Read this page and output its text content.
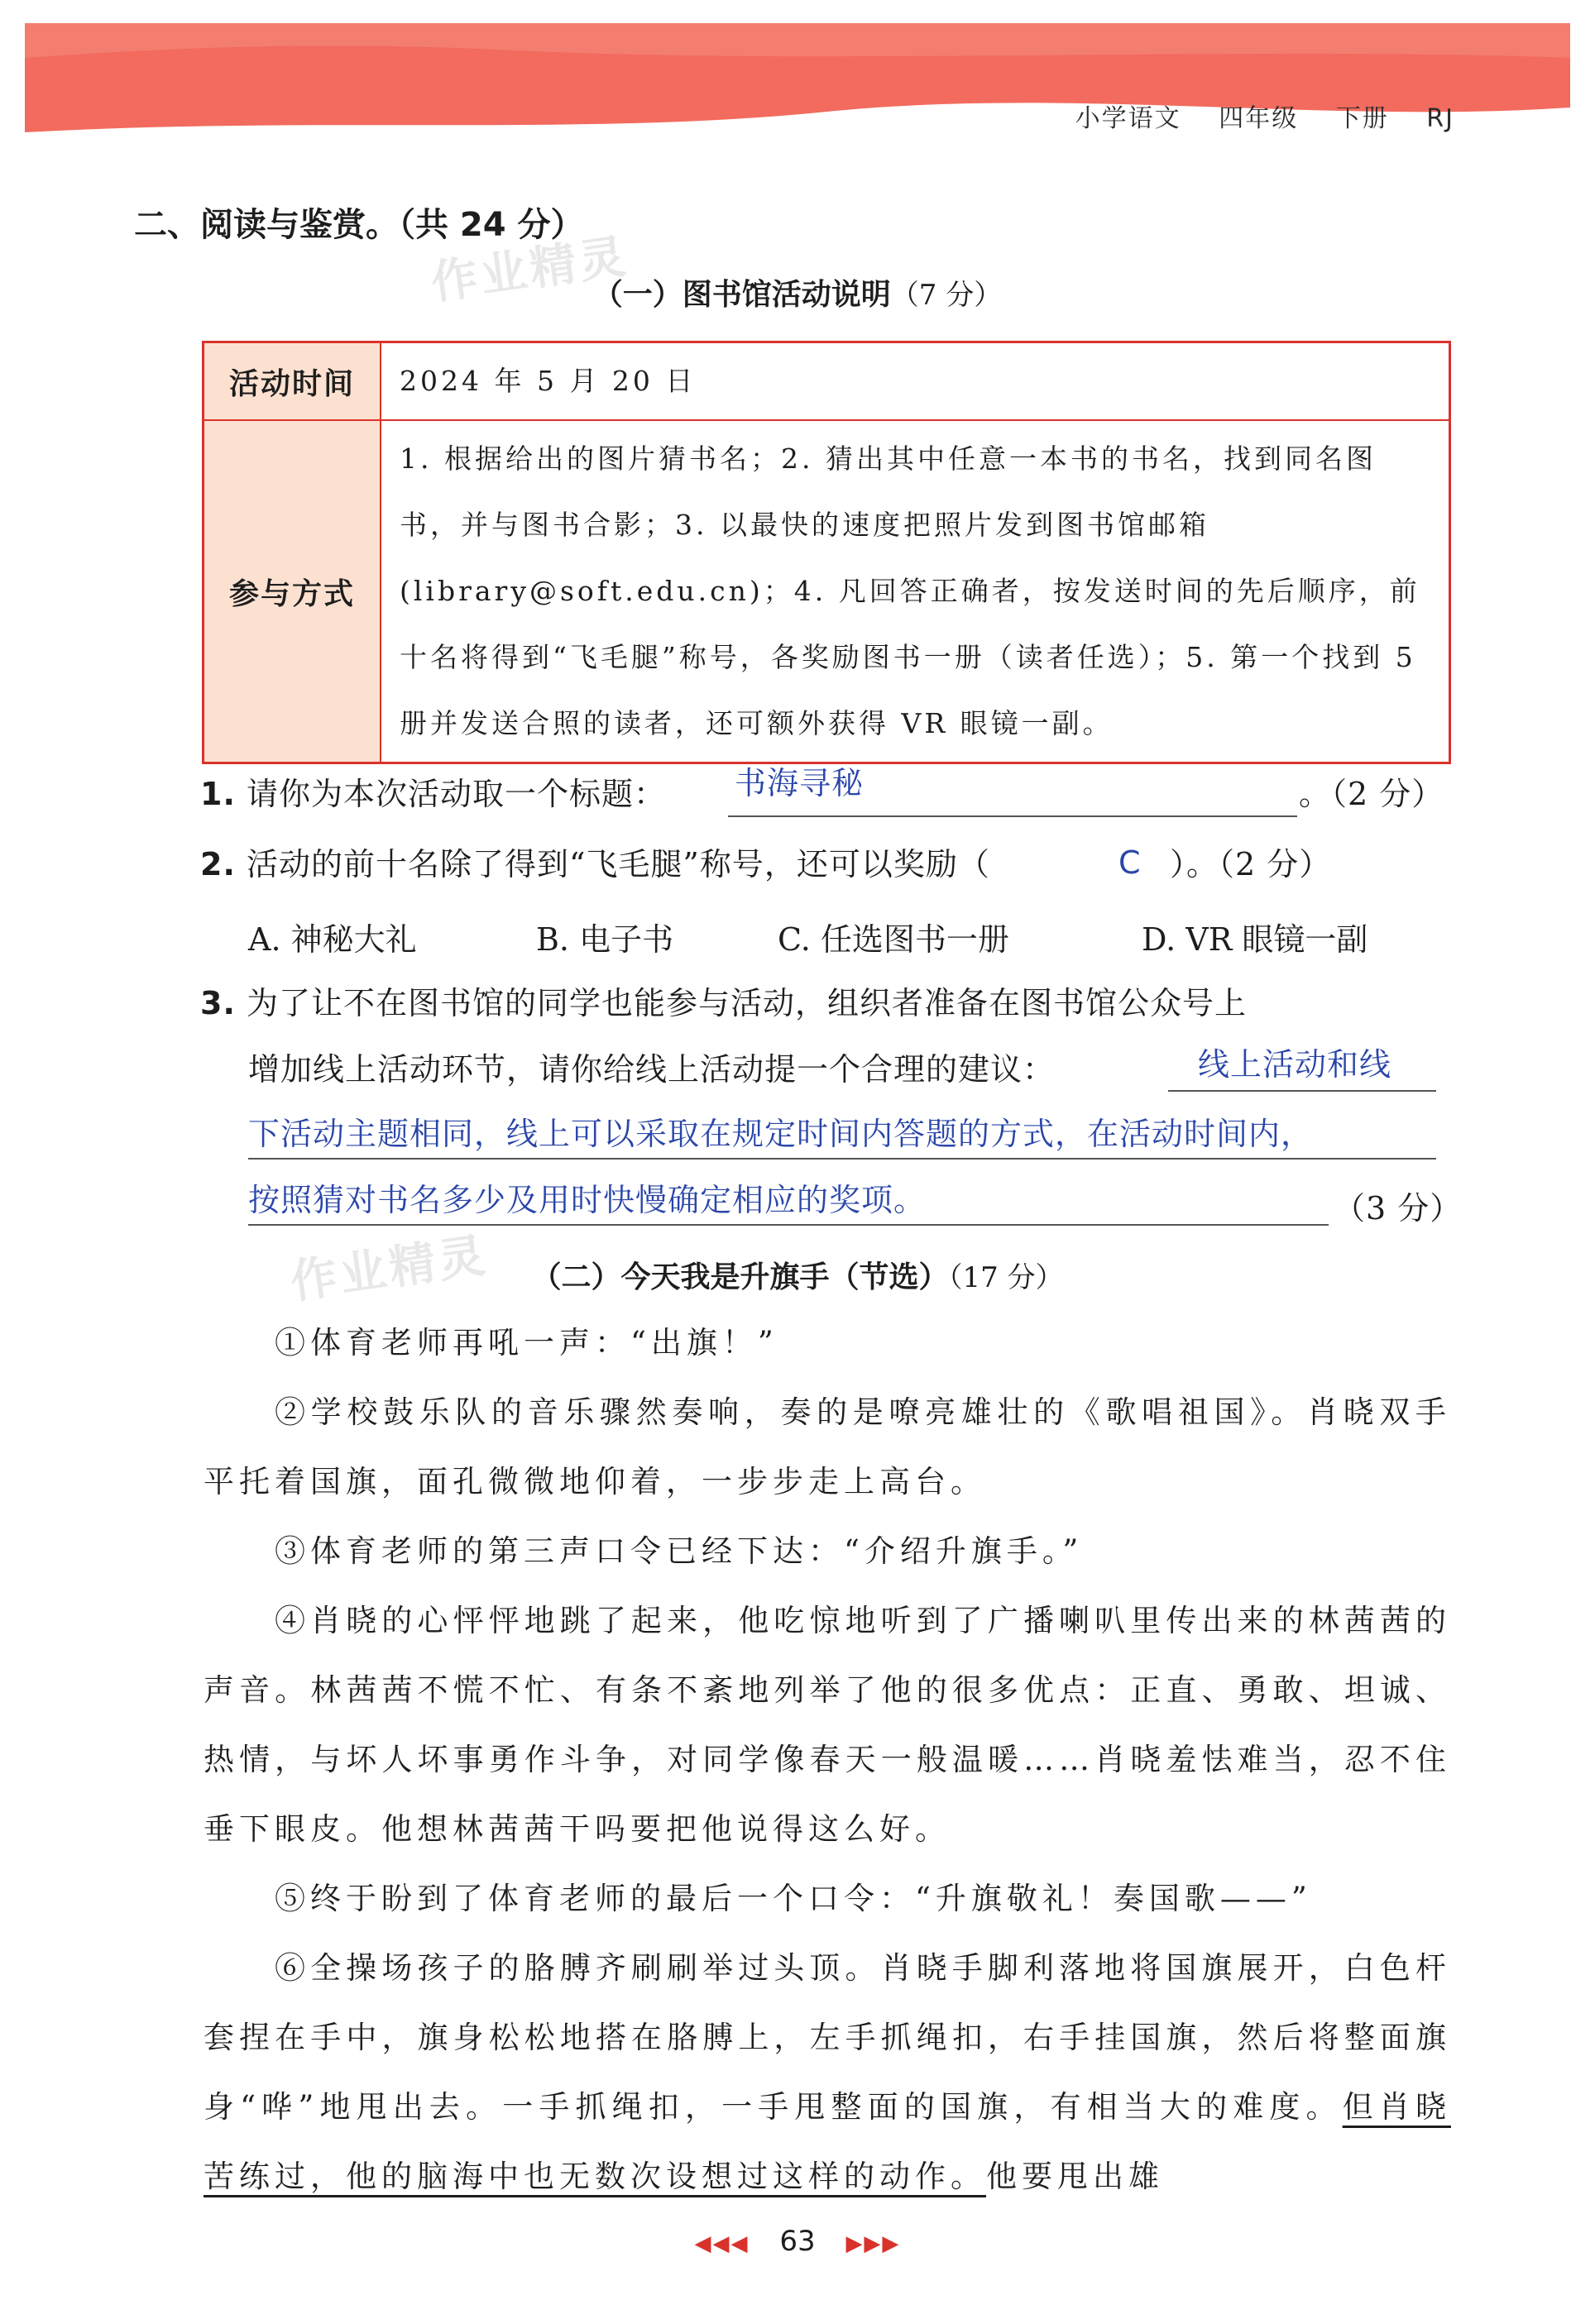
小学语文 四年级 下册 RJ
作业精灵
作业精灵
二、阅读与鉴赏。（共 24 分）
（一）图书馆活动说明（7 分）
活动时间	2024 年 5 月 20 日
参与方式	1. 根据给出的图片猜书名；2. 猜出其中任意一本书的书名，找到同名图书，并与图书合影；3. 以最快的速度把照片发到图书馆邮箱(library@soft.edu.cn)；4. 凡回答正确者，按发送时间的先后顺序，前十名将得到“飞毛腿”称号，各奖励图书一册（读者任选）；5. 第一个找到 5 册并发送合照的读者，还可额外获得 VR 眼镜一副。
1. 请你为本次活动取一个标题： 书海寻秘	。（2 分）
2. 活动的前十名除了得到“飞毛腿”称号，还可以奖励（	C ）。（2 分）
A. 神秘大礼	B. 电子书	C. 任选图书一册	D. VR 眼镜一副
3. 为了让不在图书馆的同学也能参与活动，组织者准备在图书馆公众号上
增加线上活动环节，请你给线上活动提一个合理的建议：	线上活动和线
下活动主题相同，线上可以采取在规定时间内答题的方式，在活动时间内，
按照猜对书名多少及用时快慢确定相应的奖项。	（3 分）
（二）今天我是升旗手（节选）（17 分）
①体育老师再吼一声：“出旗！”
②学校鼓乐队的音乐骤然奏响，奏的是嘹亮雄壮的《歌唱祖国》。肖晓双手平托着国旗，面孔微微地仰着，一步步走上高台。
③体育老师的第三声口令已经下达：“介绍升旗手。”
④肖晓的心怦怦地跳了起来，他吃惊地听到了广播喇叭里传出来的林茜茜的声音。林茜茜不慌不忙、有条不紊地列举了他的很多优点：正直、勇敢、坦诚、热情，与坏人坏事勇作斗争，对同学像春天一般温暖……肖晓羞怯难当，忍不住垂下眼皮。他想林茜茜干吗要把他说得这么好。
⑤终于盼到了体育老师的最后一个口令：“升旗敬礼！奏国歌——”
⑥全操场孩子的胳膊齐刷刷举过头顶。肖晓手脚利落地将国旗展开，白色杆套捏在手中，旗身松松地搭在胳膊上，左手抓绳扣，右手挂国旗，然后将整面旗身“哗”地甩出去。一手抓绳扣，一手甩整面的国旗，有相当大的难度。但肖晓苦练过，他的脑海中也无数次设想过这样的动作。他要甩出雄
◀◀◀ 63 ▶▶▶
